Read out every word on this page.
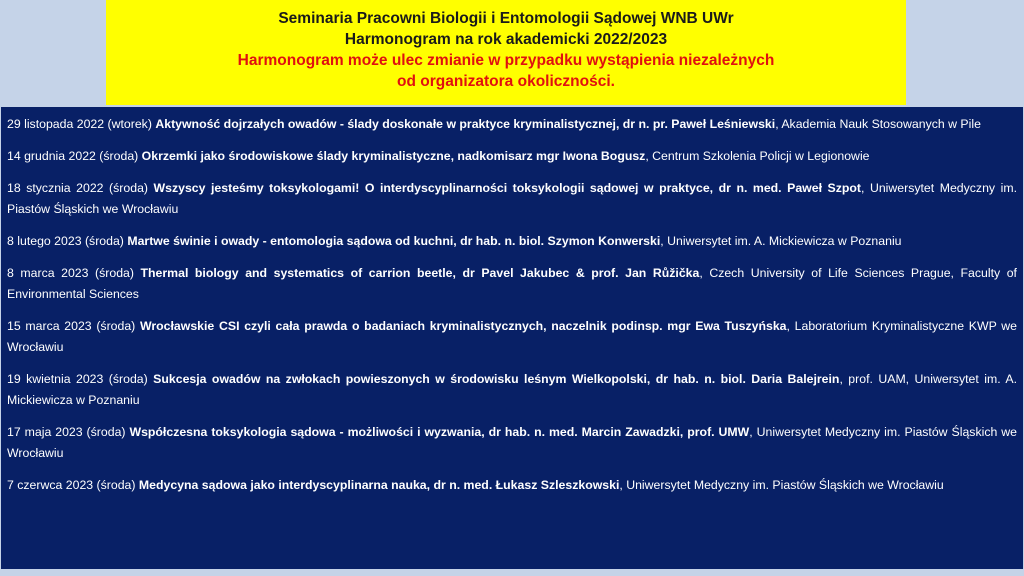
Seminaria Pracowni Biologii i Entomologii Sądowej WNB UWr
Harmonogram na rok akademicki 2022/2023
Harmonogram może ulec zmianie w przypadku wystąpienia niezależnych
od organizatora okoliczności.
29 listopada 2022 (wtorek) Aktywność dojrzałych owadów - ślady doskonałe w praktyce kryminalistycznej, dr n. pr. Paweł Leśniewski, Akademia Nauk Stosowanych w Pile
14 grudnia 2022 (środa) Okrzemki jako środowiskowe ślady kryminalistyczne, nadkomisarz mgr Iwona Bogusz, Centrum Szkolenia Policji w Legionowie
18 stycznia 2022 (środa) Wszyscy jesteśmy toksykologami! O interdyscyplinarności toksykologii sądowej w praktyce, dr n. med. Paweł Szpot, Uniwersytet Medyczny im. Piastów Śląskich we Wrocławiu
8 lutego 2023 (środa) Martwe świnie i owady - entomologia sądowa od kuchni, dr hab. n. biol. Szymon Konwerski, Uniwersytet im. A. Mickiewicza w Poznaniu
8 marca 2023 (środa) Thermal biology and systematics of carrion beetle, dr Pavel Jakubec & prof. Jan Růžička, Czech University of Life Sciences Prague, Faculty of Environmental Sciences
15 marca 2023 (środa) Wrocławskie CSI czyli cała prawda o badaniach kryminalistycznych, naczelnik podinsp. mgr Ewa Tuszyńska, Laboratorium Kryminalistyczne KWP we Wrocławiu
19 kwietnia 2023 (środa) Sukcesja owadów na zwłokach powieszonych w środowisku leśnym Wielkopolski, dr hab. n. biol. Daria Balejrein, prof. UAM, Uniwersytet im. A. Mickiewicza w Poznaniu
17 maja 2023 (środa) Współczesna toksykologia sądowa - możliwości i wyzwania, dr hab. n. med. Marcin Zawadzki, prof. UMW, Uniwersytet Medyczny im. Piastów Śląskich we Wrocławiu
7 czerwca 2023 (środa) Medycyna sądowa jako interdyscyplinarna nauka, dr n. med. Łukasz Szleszkowski, Uniwersytet Medyczny im. Piastów Śląskich we Wrocławiu
